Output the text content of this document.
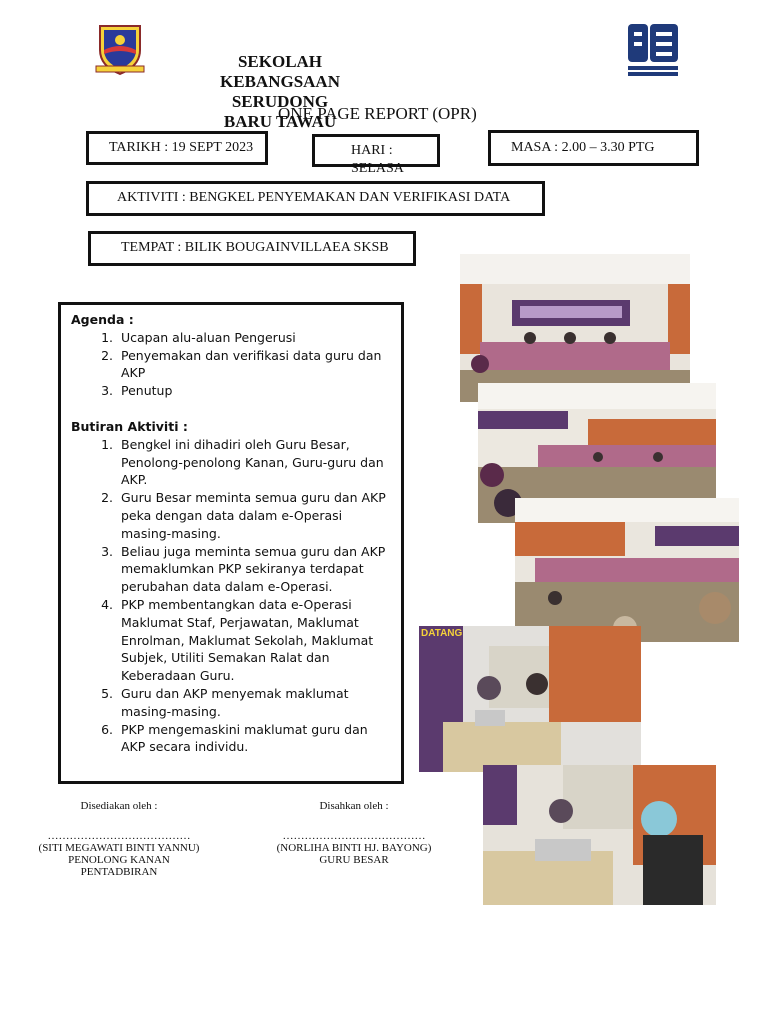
SEKOLAH
KEBANGSAAN
SERUDONG
BARU TAWAU
ONE PAGE REPORT (OPR)
TARIKH : 19 SEPT 2023	HARI : SELASA
MASA : 2.00 – 3.30 PTG
AKTIVITI : BENGKEL PENYEMAKAN DAN VERIFIKASI DATA
TEMPAT : BILIK BOUGAINVILLAEA SKSB
Agenda :
1. Ucapan alu-aluan Pengerusi
2. Penyemakan dan verifikasi data guru dan AKP
3. Penutup
Butiran Aktiviti :
1. Bengkel ini dihadiri oleh Guru Besar, Penolong-penolong Kanan, Guru-guru dan AKP.
2. Guru Besar meminta semua guru dan AKP peka dengan data dalam e-Operasi masing-masing.
3. Beliau juga meminta semua guru dan AKP memaklumkan PKP sekiranya terdapat perubahan data dalam e-Operasi.
4. PKP membentangkan data e-Operasi Maklumat Staf, Perjawatan, Maklumat Enrolman, Maklumat Sekolah, Maklumat Subjek, Utiliti Semakan Ralat dan Keberadaan Guru.
5. Guru dan AKP menyemak maklumat masing-masing.
6. PKP mengemaskini maklumat guru dan AKP secara individu.
Disediakan oleh :
…………………………………
(SITI MEGAWATI BINTI YANNU)
PENOLONG KANAN
PENTADBIRAN
Disahkan oleh :
…………………………………
(NORLIHA BINTI HJ. BAYONG)
GURU BESAR
DATANG
